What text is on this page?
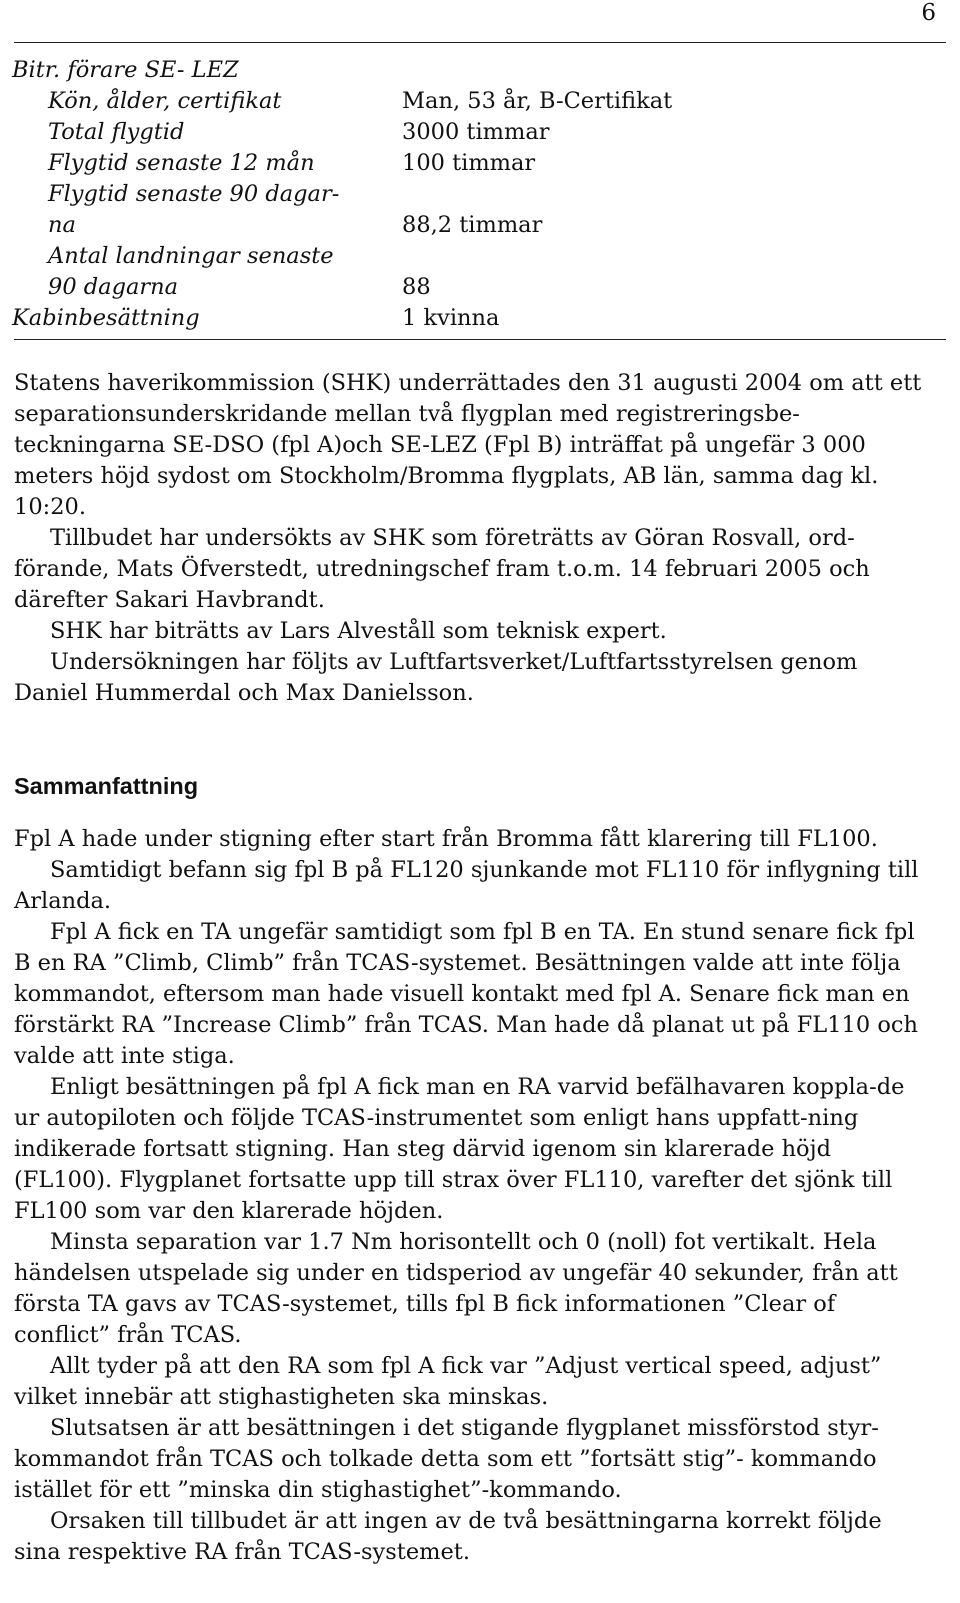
6
Bitr. förare SE- LEZ
Kön, ålder, certifikat	Man, 53 år, B-Certifikat
Total flygtid	3000 timmar
Flygtid senaste 12 mån	100 timmar
Flygtid senaste 90 dagar-
na	88,2 timmar
Antal landningar senaste
90 dagarna	88
Kabinbesättning	1 kvinna

Statens haverikommission (SHK) underrättades den 31 augusti 2004 om att ett separationsunderskridande mellan två flygplan med registreringsbe-teckningarna SE-DSO (fpl A)och SE-LEZ (Fpl B) inträffat på ungefär 3 000 meters höjd sydost om Stockholm/Bromma flygplats, AB län, samma dag kl. 10:20.

Tillbudet har undersökts av SHK som företrätts av Göran Rosvall, ord-förande, Mats Öfverstedt, utredningschef fram t.o.m. 14 februari 2005 och därefter Sakari Havbrandt.

SHK har biträtts av Lars Alveståll som teknisk expert.

Undersökningen har följts av Luftfartsverket/Luftfartsstyrelsen genom Daniel Hummerdal och Max Danielsson.

Sammanfattning

Fpl A hade under stigning efter start från Bromma fått klarering till FL100.

Samtidigt befann sig fpl B på FL120 sjunkande mot FL110 för inflygning till Arlanda.

Fpl A fick en TA ungefär samtidigt som fpl B en TA. En stund senare fick fpl B en RA ”Climb, Climb” från TCAS-systemet. Besättningen valde att inte följa kommandot, eftersom man hade visuell kontakt med fpl A. Senare fick man en förstärkt RA ”Increase Climb” från TCAS. Man hade då planat ut på FL110 och valde att inte stiga.

Enligt besättningen på fpl A fick man en RA varvid befälhavaren koppla-de ur autopiloten och följde TCAS-instrumentet som enligt hans uppfatt-ning indikerade fortsatt stigning. Han steg därvid igenom sin klarerade höjd (FL100). Flygplanet fortsatte upp till strax över FL110, varefter det sjönk till FL100 som var den klarerade höjden.

Minsta separation var 1.7 Nm horisontellt och 0 (noll) fot vertikalt. Hela händelsen utspelade sig under en tidsperiod av ungefär 40 sekunder, från att första TA gavs av TCAS-systemet, tills fpl B fick informationen ”Clear of conflict” från TCAS.

Allt tyder på att den RA som fpl A fick var ”Adjust vertical speed, adjust” vilket innebär att stighastigheten ska minskas.

Slutsatsen är att besättningen i det stigande flygplanet missförstod styr-kommandot från TCAS och tolkade detta som ett ”fortsätt stig”- kommando istället för ett ”minska din stighastighet”-kommando.

Orsaken till tillbudet är att ingen av de två besättningarna korrekt följde sina respektive RA från TCAS-systemet.
